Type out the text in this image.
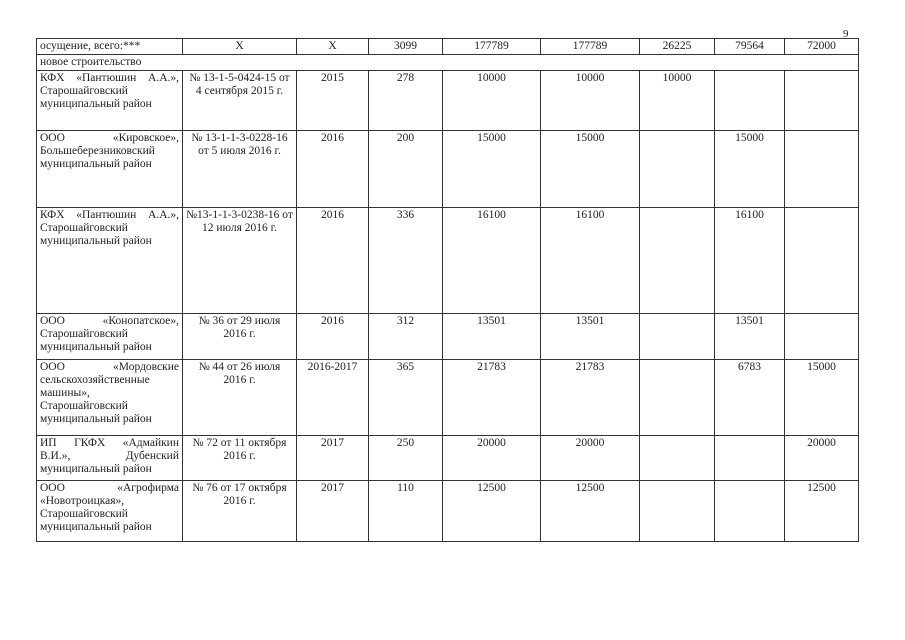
9
осущение, всего:***	Х	Х	3099	177789	177789	26225	79564	72000
новое строительство								
КФХ «Пантюшин А.А.», Старошайговский муниципальный район	№ 13-1-5-0424-15 от 4 сентября 2015 г.	2015	278	10000	10000	10000		
ООО «Кировское», Большеберезниковский муниципальный район	№ 13-1-1-3-0228-16 от 5 июля 2016 г.	2016	200	15000	15000		15000	
КФХ «Пантюшин А.А.», Старошайговский муниципальный район	№13-1-1-3-0238-16 от 12 июля 2016 г.	2016	336	16100	16100		16100	
ООО «Конопатское», Старошайговский муниципальный район	№ 36 от 29 июля 2016 г.	2016	312	13501	13501		13501	
ООО «Мордовские сельскохозяйственные машины», Старошайговский муниципальный район	№ 44 от 26 июля 2016 г.	2016-2017	365	21783	21783		6783	15000
ИП ГКФХ «Адмайкин В.И.», Дубенский муниципальный район	№ 72 от 11 октября 2016 г.	2017	250	20000	20000			20000
ООО «Агрофирма «Новотроицкая», Старошайговский муниципальный район	№ 76 от 17 октября 2016 г.	2017	110	12500	12500			12500
